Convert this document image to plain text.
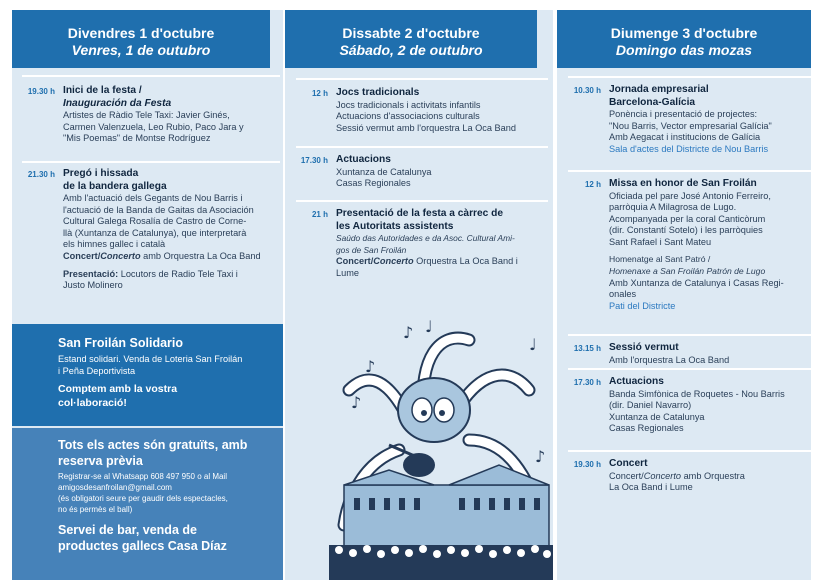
Divendres 1 d'octubre
Venres, 1 de outubro
19.30 h Inici de la festa /
Inauguración da Festa
Artistes de Ràdio Tele Taxi: Javier Ginés,
Carmen Valenzuela, Leo Rubio, Paco Jara y
"Mis Poemas" de Montse Rodríguez
21.30 h Pregó i hissada
de la bandera gallega
Amb l'actuació dels Gegants de Nou Barris i
l'actuació de la Banda de Gaitas da Asociación
Cultural Galega Rosalía de Castro de Corne-
llà (Xuntanza de Catalunya), que interpretarà
els himnes gallec i català
Concert/Concerto amb Orquestra La Oca Band
Presentació: Locutors de Radio Tele Taxi i
Justo Molinero
San Froilán Solidario
Estand solidari. Venda de Loteria San Froilán
i Peña Deportivista
Comptem amb la vostra
col·laboració!
Tots els actes són gratuïts, amb
reserva prèvia
Registrar-se al Whatsapp 608 497 950 o al Mail
amigosdesanfroilan@gmail.com
(és obligatori seure per gaudir dels espectacles,
no és permès el ball)
Servei de bar, venda de
productes gallecs Casa Díaz
Dissabte 2 d'octubre
Sábado, 2 de outubro
12 h Jocs tradicionals
Jocs tradicionals i activitats infantils
Actuacions d'associacions culturals
Sessió vermut amb l'orquestra La Oca Band
17.30 h Actuacions
Xuntanza de Catalunya
Casas Regionales
21 h Presentació de la festa a càrrec de
les Autoritats assistents
Saúdo das Autoridades e da Asoc. Cultural Ami-
gos de San Froilán
Concert/Concerto Orquestra La Oca Band i
Lume
♪ ♩
♪
♩
♪
♪
Diumenge 3 d'octubre
Domingo das mozas
10.30 h Jornada empresarial
Barcelona-Galícia
Ponència i presentació de projectes:
"Nou Barris, Vector empresarial Galícia"
Amb Aegacat i institucions de Galícia
Sala d'actes del Districte de Nou Barris
12 h Missa en honor de San Froilán
Oficiada pel pare José Antonio Ferreiro,
parròquia A Milagrosa de Lugo.
Acompanyada per la coral Canticòrum
(dir. Constantí Sotelo) i les parròquies
Sant Rafael i Sant Mateu
Homenatge al Sant Patró /
Homenaxe a San Froilán Patrón de Lugo
Amb Xuntanza de Catalunya i Casas Regi-
onales
Pati del Districte
13.15 h Sessió vermut
Amb l'orquestra La Oca Band
17.30 h Actuacions
Banda Simfònica de Roquetes - Nou Barris
(dir. Daniel Navarro)
Xuntanza de Catalunya
Casas Regionales
19.30 h Concert
Concert/Concerto amb Orquestra
La Oca Band i Lume
